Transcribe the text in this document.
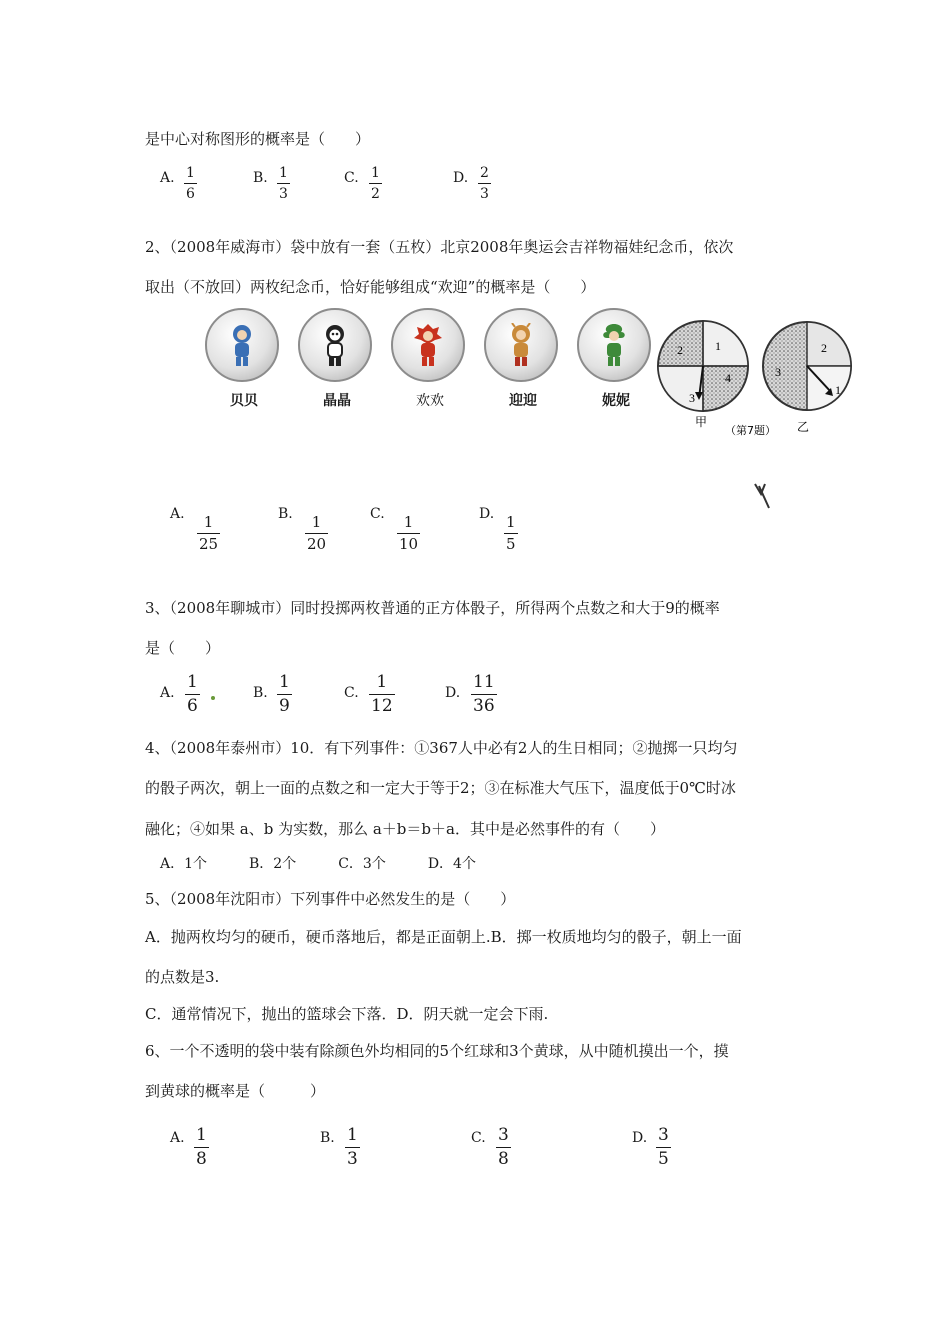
是中心对称图形的概率是（　　）
A. 1
6
B. 1
3
C. 1
2
D. 2
3
2、（2008年威海市）袋中放有一套（五枚）北京2008年奥运会吉祥物福娃纪念币，依次
取出（不放回）两枚纪念币，恰好能够组成“欢迎”的概率是（　　）
贝贝	晶晶	欢欢	迎迎	妮妮
1
2
3
4
1
2
3
甲	乙
（第7题）
A. 1
25
B. 1
20
C. 1
10
D. 1
5
3、（2008年聊城市）同时投掷两枚普通的正方体骰子，所得两个点数之和大于9的概率
是（　　）
A.
1
6
B.
1
9
C.
1
12
D.
11
36
4、（2008年泰州市）10．有下列事件：①367人中必有2人的生日相同；②抛掷一只均匀
的骰子两次，朝上一面的点数之和一定大于等于2；③在标准大气压下，温度低于0℃时冰
融化；④如果 a、b 为实数，那么 a＋b＝b＋a．其中是必然事件的有（　　）
A．1个　　　B．2个　　　C．3个　　　D．4个
5、（2008年沈阳市）下列事件中必然发生的是（　　）
A．抛两枚均匀的硬币，硬币落地后，都是正面朝上.B．掷一枚质地均匀的骰子，朝上一面
的点数是3.
C．通常情况下，抛出的篮球会下落．D．阴天就一定会下雨.
6、一个不透明的袋中装有除颜色外均相同的5个红球和3个黄球，从中随机摸出一个，摸
到黄球的概率是（　　　）
A. 1
8
B. 1
3
C. 3
8
D. 3
5
